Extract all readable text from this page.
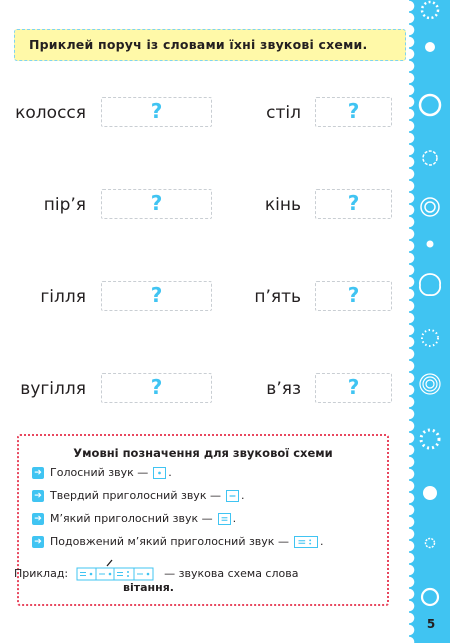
5
Приклей поруч із словами їхні звукові схеми.
колосся	?	стіл	?
пір’я	?	кінь	?
гілля	?	п’ять	?
вугілля	?	в’яз	?
Умовні позначення для звукової схеми
➔ Голосний звук — .
➔ Твердий приголосний звук — .
➔ М’який приголосний звук — .
➔ Подовжений м’який приголосний звук —	.
Приклад:	— звукова схема слова
вітання.
